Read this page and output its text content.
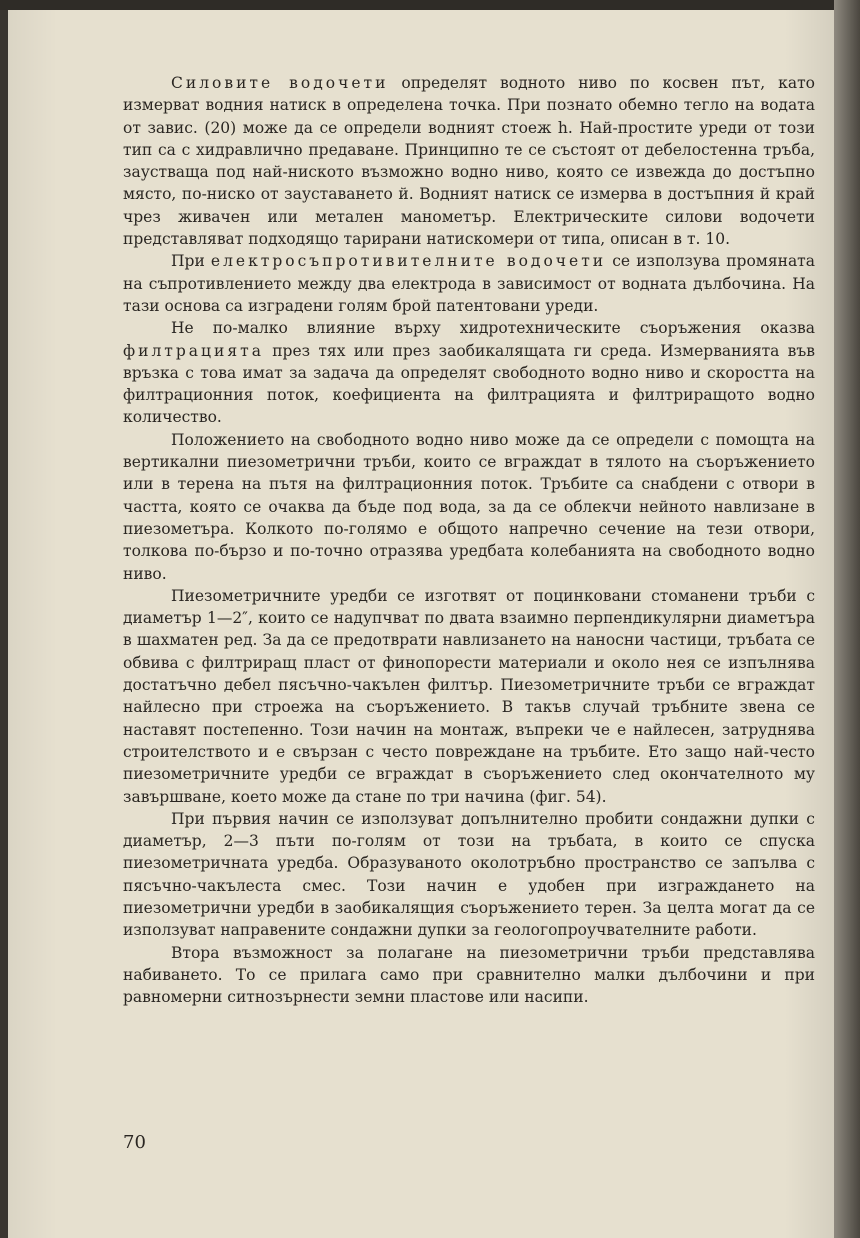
Силовите водочети определят водното ниво по косвен път, като измерват водния натиск в определена точка. При познато обемно тегло на водата от завис. (20) може да се определи водният стоеж h. Най-простите уреди от този тип са с хидравлично предаване. Принципно те се състоят от дебелостенна тръба, заустваща под най-ниското възможно водно ниво, която се извежда до достъпно място, по-ниско от зауставането й. Водният натиск се измерва в достъпния й край чрез живачен или метален манометър. Електрическите силови водочети представляват подходящо тарирани натискомери от типа, описан в т. 10.

При електросъпротивителните водочети се използува промяната на съпротивлението между два електрода в зависимост от водната дълбочина. На тази основа са изградени голям брой патентовани уреди.

Не по-малко влияние върху хидротехническите съоръжения оказва филтрацията през тях или през заобикалящата ги среда. Измерванията във връзка с това имат за задача да определят свободното водно ниво и скоростта на филтрационния поток, коефициента на филтрацията и филтриращото водно количество.

Положението на свободното водно ниво може да се определи с помощта на вертикални пиезометрични тръби, които се вграждат в тялото на съоръжението или в терена на пътя на филтрационния поток. Тръбите са снабдени с отвори в частта, която се очаква да бъде под вода, за да се облекчи нейното навлизане в пиезометъра. Колкото по-голямо е общото напречно сечение на тези отвори, толкова по-бързо и по-точно отразява уредбата колебанията на свободното водно ниво.

Пиезометричните уредби се изготвят от поцинковани стоманени тръби с диаметър 1—2″, които се надупчват по двата взаимно перпендикулярни диаметъра в шахматен ред. За да се предотврати навлизането на наносни частици, тръбата се обвива с филтриращ пласт от финопорести материали и около нея се изпълнява достатъчно дебел пясъчно-чакълен филтър. Пиезометричните тръби се вграждат найлесно при строежа на съоръжението. В такъв случай тръбните звена се наставят постепенно. Този начин на монтаж, въпреки че е найлесен, затруднява строителството и е свързан с често повреждане на тръбите. Ето защо най-често пиезометричните уредби се вграждат в съоръжението след окончателното му завършване, което може да стане по три начина (фиг. 54).

При първия начин се използуват допълнително пробити сондажни дупки с диаметър, 2—3 пъти по-голям от този на тръбата, в които се спуска пиезометричната уредба. Образуваното околотръбно пространство се запълва с пясъчно-чакълеста смес. Този начин е удобен при изграждането на пиезометрични уредби в заобикалящия съоръжението терен. За целта могат да се използуват направените сондажни дупки за геологопроучвателните работи.

Втора възможност за полагане на пиезометрични тръби представлява набиването. То се прилага само при сравнително малки дълбочини и при равномерни ситнозърнести земни пластове или насипи.

70
